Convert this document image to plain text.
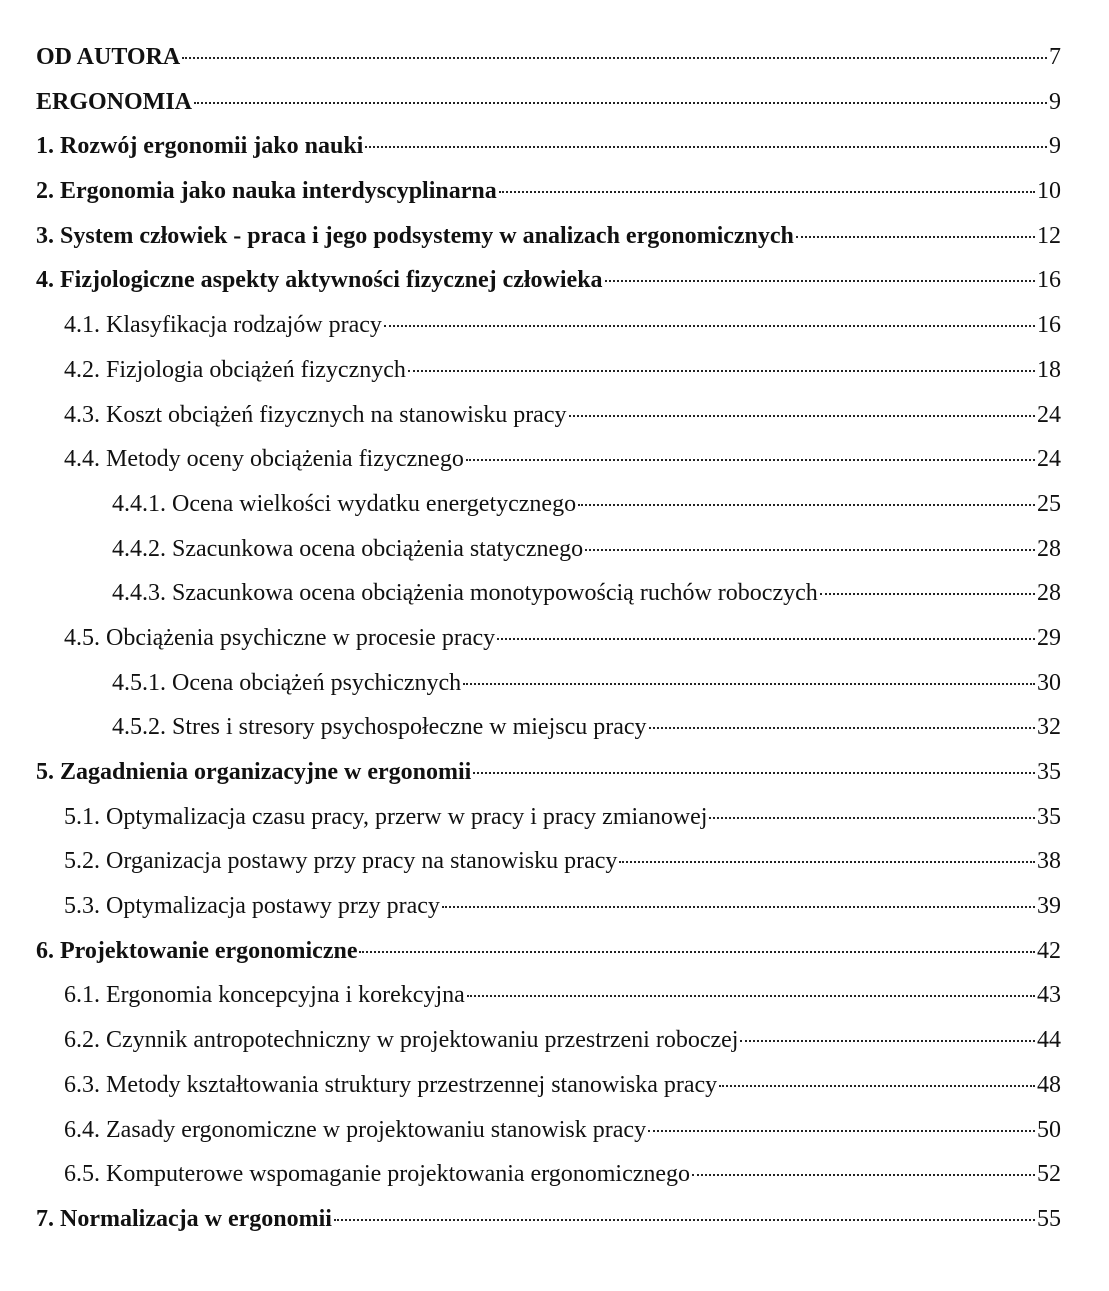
OD AUTORA	7
ERGONOMIA	9
1. Rozwój ergonomii jako nauki	9
2. Ergonomia jako nauka interdyscyplinarna	10
3. System człowiek - praca i jego podsystemy w analizach ergonomicznych	12
4. Fizjologiczne aspekty aktywności fizycznej człowieka	16
4.1. Klasyfikacja rodzajów pracy	16
4.2. Fizjologia obciążeń fizycznych	18
4.3. Koszt obciążeń fizycznych na stanowisku pracy	24
4.4. Metody oceny obciążenia fizycznego	24
4.4.1. Ocena wielkości wydatku energetycznego	25
4.4.2. Szacunkowa ocena obciążenia statycznego	28
4.4.3. Szacunkowa ocena obciążenia monotypowością ruchów roboczych	28
4.5. Obciążenia psychiczne w procesie pracy	29
4.5.1. Ocena obciążeń psychicznych	30
4.5.2. Stres i stresory psychospołeczne w miejscu pracy	32
5. Zagadnienia organizacyjne w ergonomii	35
5.1. Optymalizacja czasu pracy, przerw w pracy i pracy zmianowej	35
5.2. Organizacja postawy przy pracy na stanowisku pracy	38
5.3. Optymalizacja postawy przy pracy	39
6. Projektowanie ergonomiczne	42
6.1. Ergonomia koncepcyjna i korekcyjna	43
6.2. Czynnik antropotechniczny w projektowaniu przestrzeni roboczej	44
6.3. Metody kształtowania struktury przestrzennej stanowiska pracy	48
6.4. Zasady ergonomiczne w projektowaniu stanowisk pracy	50
6.5. Komputerowe wspomaganie projektowania ergonomicznego	52
7. Normalizacja w ergonomii	55
